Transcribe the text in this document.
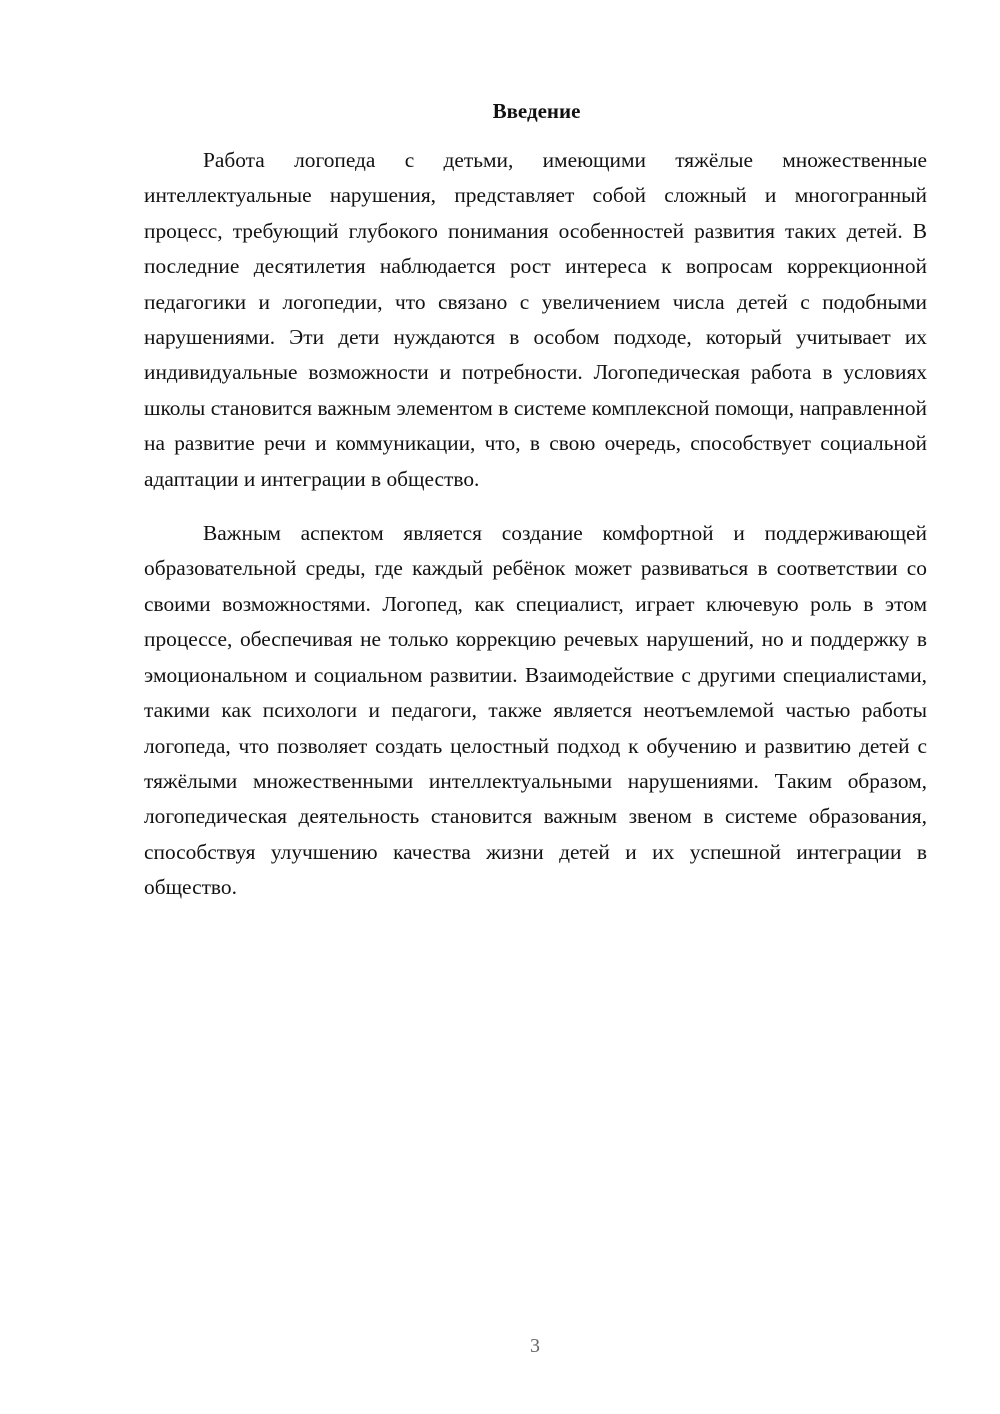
Введение

Работа логопеда с детьми, имеющими тяжёлые множественные интеллектуальные нарушения, представляет собой сложный и многогранный процесс, требующий глубокого понимания особенностей развития таких детей. В последние десятилетия наблюдается рост интереса к вопросам коррекционной педагогики и логопедии, что связано с увеличением числа детей с подобными нарушениями. Эти дети нуждаются в особом подходе, который учитывает их индивидуальные возможности и потребности. Логопедическая работа в условиях школы становится важным элементом в системе комплексной помощи, направленной на развитие речи и коммуникации, что, в свою очередь, способствует социальной адаптации и интеграции в общество.

Важным аспектом является создание комфортной и поддерживающей образовательной среды, где каждый ребёнок может развиваться в соответствии со своими возможностями. Логопед, как специалист, играет ключевую роль в этом процессе, обеспечивая не только коррекцию речевых нарушений, но и поддержку в эмоциональном и социальном развитии. Взаимодействие с другими специалистами, такими как психологи и педагоги, также является неотъемлемой частью работы логопеда, что позволяет создать целостный подход к обучению и развитию детей с тяжёлыми множественными интеллектуальными нарушениями. Таким образом, логопедическая деятельность становится важным звеном в системе образования, способствуя улучшению качества жизни детей и их успешной интеграции в общество.

3
